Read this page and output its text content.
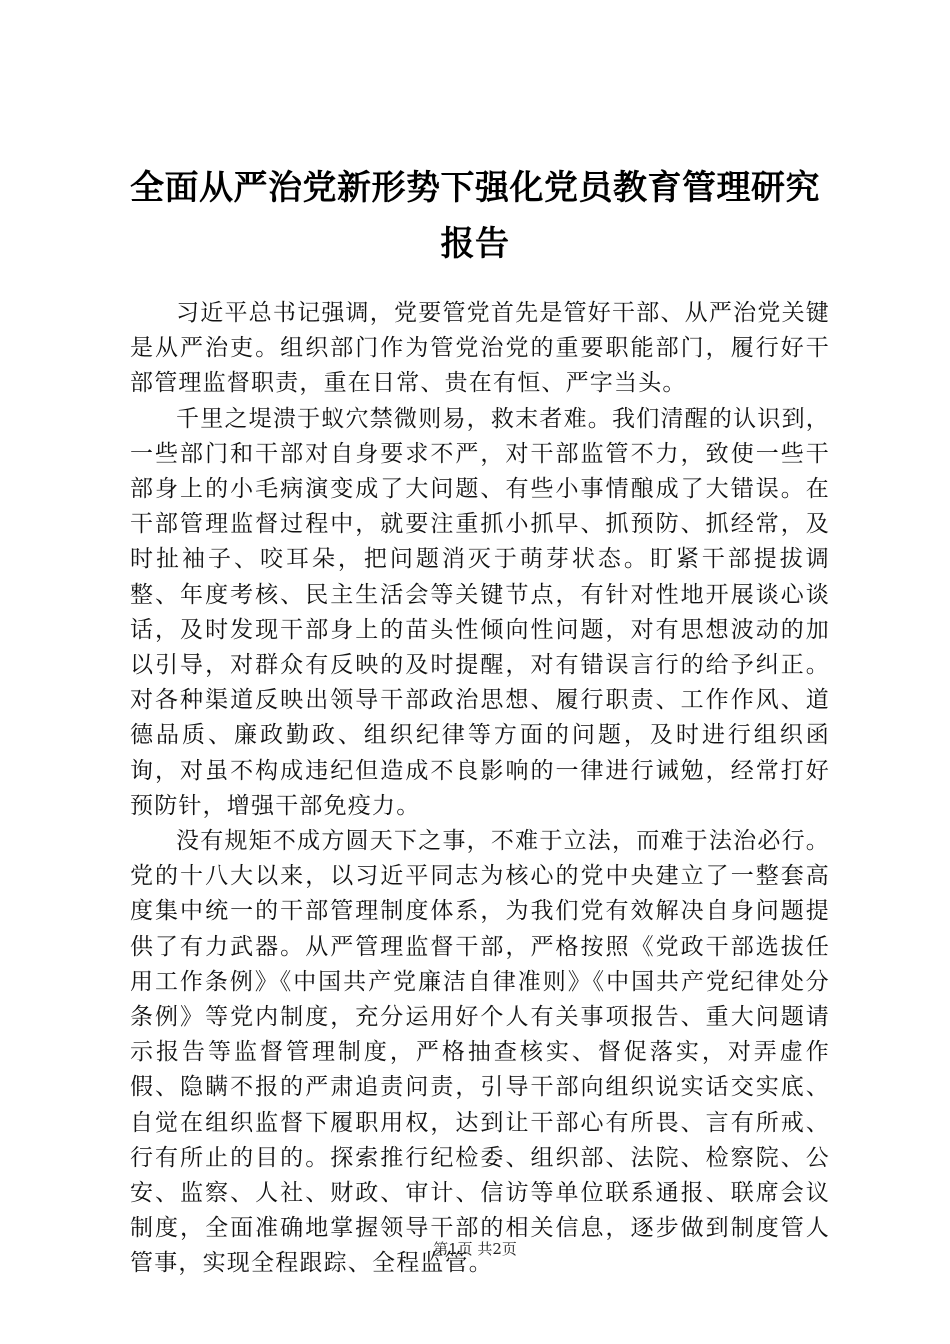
全面从严治党新形势下强化党员教育管理研究报告

习近平总书记强调，党要管党首先是管好干部、从严治党关键是从严治吏。组织部门作为管党治党的重要职能部门，履行好干部管理监督职责，重在日常、贵在有恒、严字当头。

千里之堤溃于蚁穴禁微则易，救末者难。我们清醒的认识到，一些部门和干部对自身要求不严，对干部监管不力，致使一些干部身上的小毛病演变成了大问题、有些小事情酿成了大错误。在干部管理监督过程中，就要注重抓小抓早、抓预防、抓经常，及时扯袖子、咬耳朵，把问题消灭于萌芽状态。盯紧干部提拔调整、年度考核、民主生活会等关键节点，有针对性地开展谈心谈话，及时发现干部身上的苗头性倾向性问题，对有思想波动的加以引导，对群众有反映的及时提醒，对有错误言行的给予纠正。对各种渠道反映出领导干部政治思想、履行职责、工作作风、道德品质、廉政勤政、组织纪律等方面的问题，及时进行组织函询，对虽不构成违纪但造成不良影响的一律进行诫勉，经常打好预防针，增强干部免疫力。

没有规矩不成方圆天下之事，不难于立法，而难于法治必行。党的十八大以来，以习近平同志为核心的党中央建立了一整套高度集中统一的干部管理制度体系，为我们党有效解决自身问题提供了有力武器。从严管理监督干部，严格按照《党政干部选拔任用工作条例》《中国共产党廉洁自律准则》《中国共产党纪律处分条例》等党内制度，充分运用好个人有关事项报告、重大问题请示报告等监督管理制度，严格抽查核实、督促落实，对弄虚作假、隐瞒不报的严肃追责问责，引导干部向组织说实话交实底、自觉在组织监督下履职用权，达到让干部心有所畏、言有所戒、行有所止的目的。探索推行纪检委、组织部、法院、检察院、公安、监察、人社、财政、审计、信访等单位联系通报、联席会议制度，全面准确地掌握领导干部的相关信息，逐步做到制度管人管事，实现全程跟踪、全程监管。

第1页 共2页
